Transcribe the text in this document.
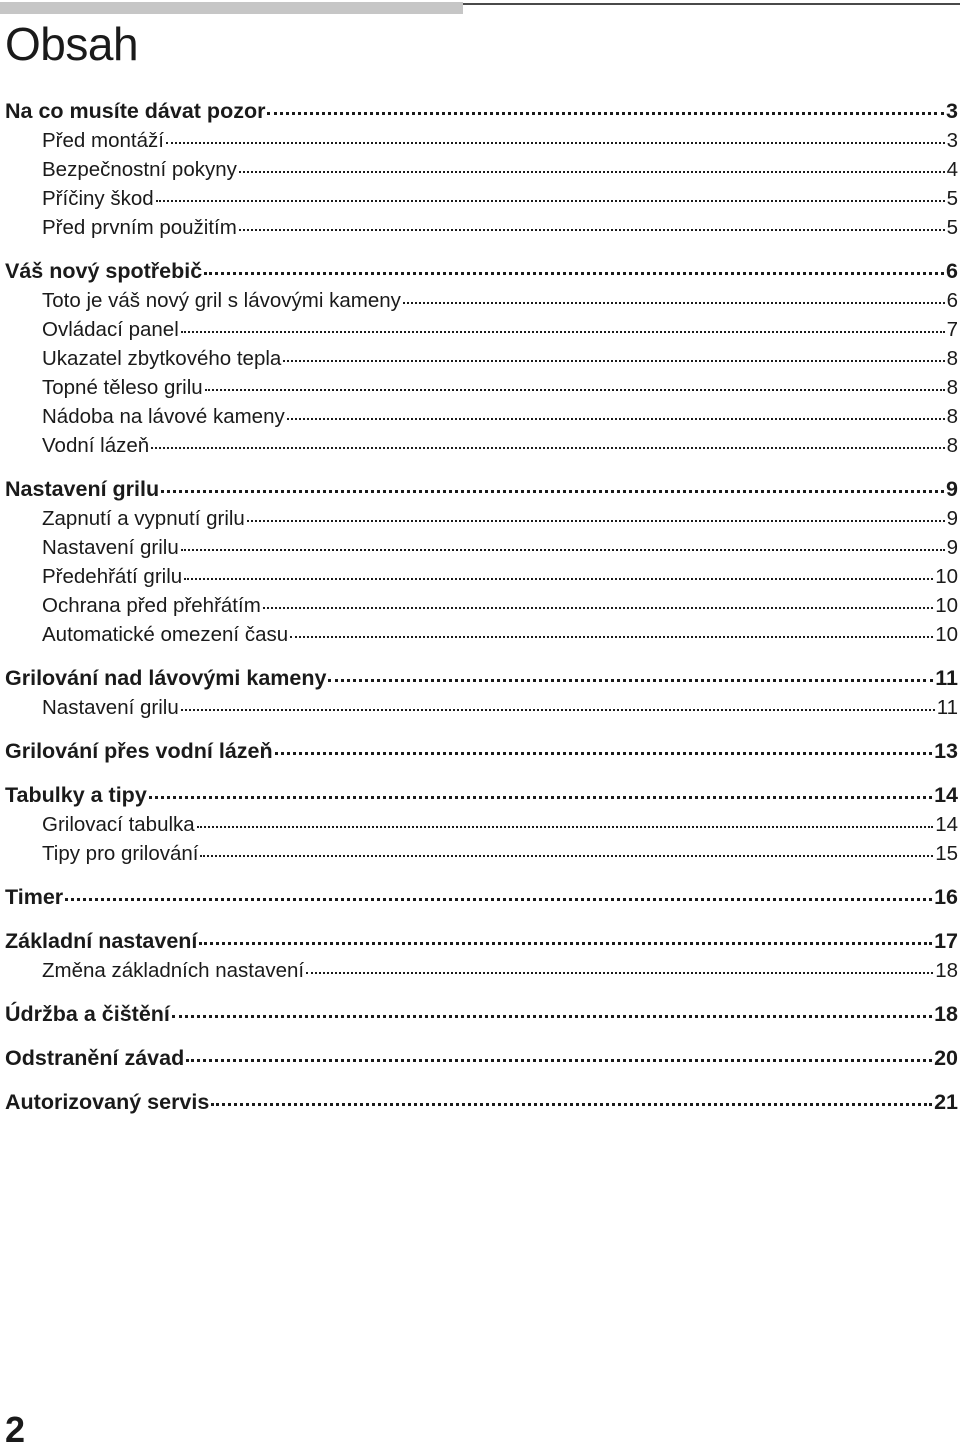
Obsah
Na co musíte dávat pozor	3
Před montáží	3
Bezpečnostní pokyny	4
Příčiny škod	5
Před prvním použitím	5
Váš nový spotřebič	6
Toto je váš nový gril s lávovými kameny	6
Ovládací panel	7
Ukazatel zbytkového tepla	8
Topné těleso grilu	8
Nádoba na lávové kameny	8
Vodní lázeň	8
Nastavení grilu	9
Zapnutí a vypnutí grilu	9
Nastavení grilu	9
Předehřátí grilu	10
Ochrana před přehřátím	10
Automatické omezení času	10
Grilování nad lávovými kameny	11
Nastavení grilu	11
Grilování přes vodní lázeň	13
Tabulky a tipy	14
Grilovací tabulka	14
Tipy pro grilování	15
Timer	16
Základní nastavení	17
Změna základních nastavení	18
Údržba a čištění	18
Odstranění závad	20
Autorizovaný servis	21
2
